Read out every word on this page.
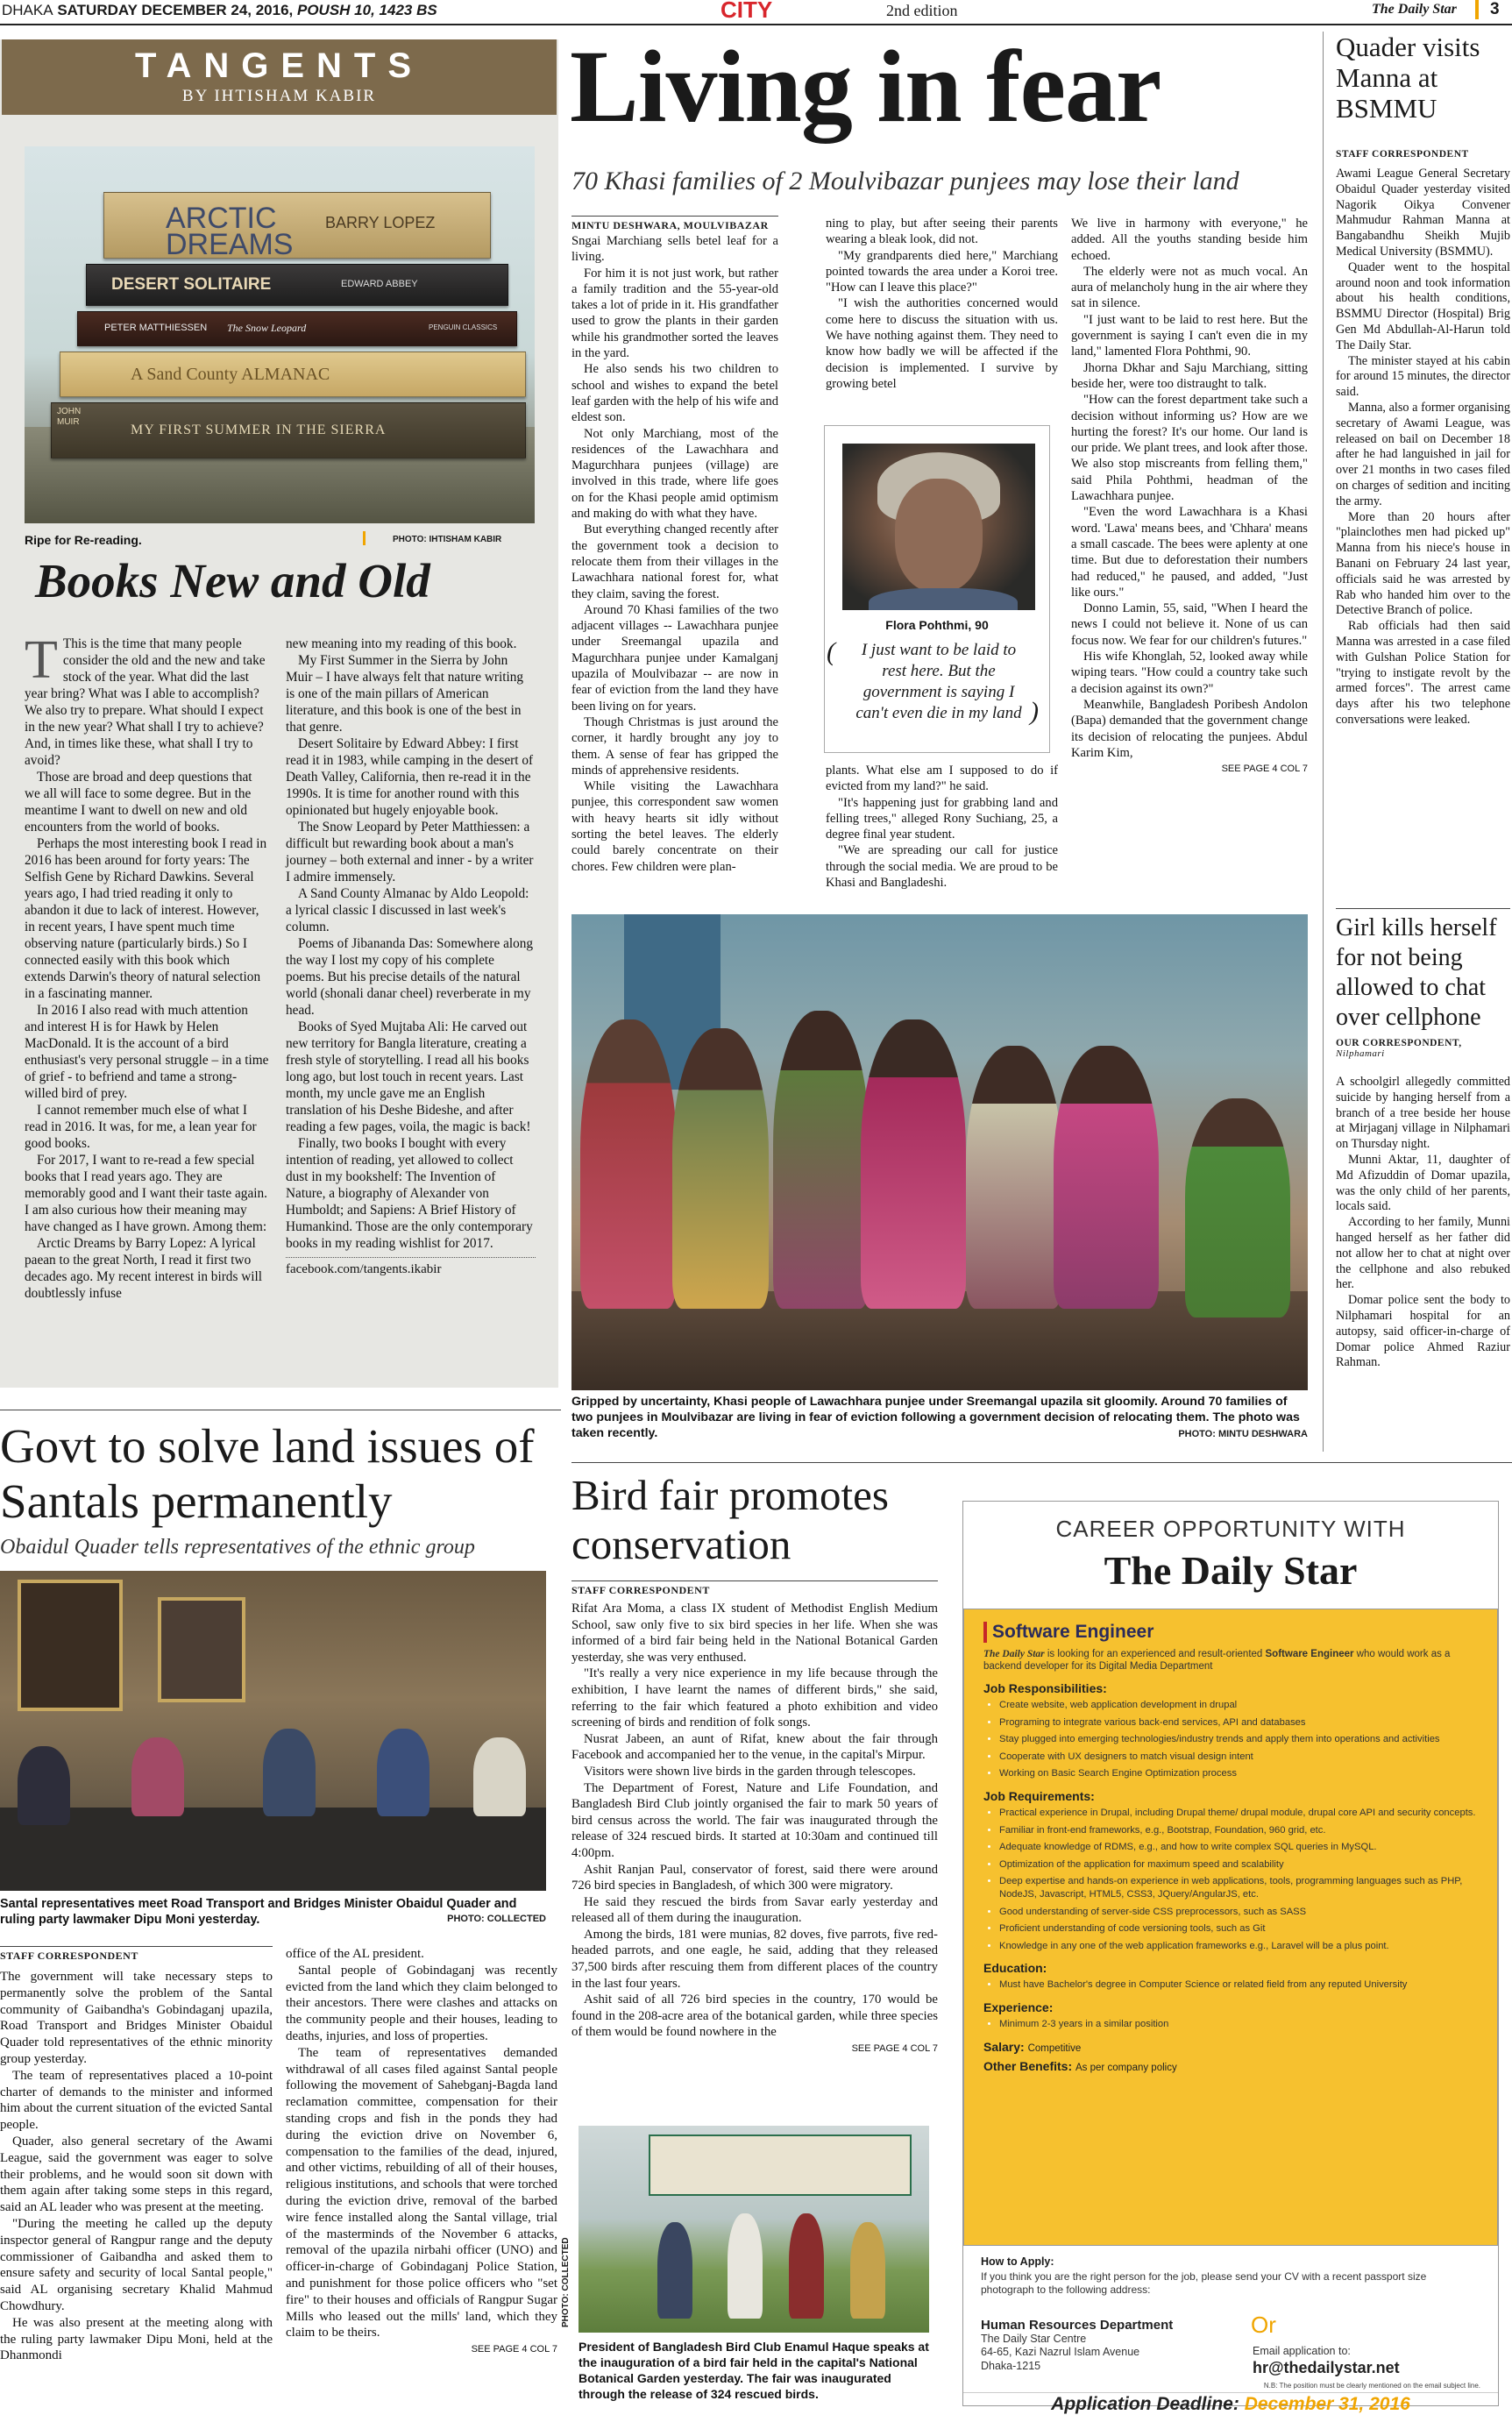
DHAKA SATURDAY DECEMBER 24, 2016, POUSH 10, 1423 BS	CITY	2nd edition	The Daily Star 3
TANGENTS
BY IHTISHAM KABIR
ARCTIC DREAMS
BARRY LOPEZ
DESERT SOLITAIRE	EDWARD ABBEY
PETER MATTHIESSEN The Snow Leopard	PENGUIN CLASSICS
A Sand County ALMANAC
JOHN MUIR
MY FIRST SUMMER IN THE SIERRA
Ripe for Re-reading.	PHOTO: IHTISHAM KABIR
Books New and Old

T This is the time that many people consider the old and the new and take stock of the year. What did the last year bring? What was I able to accomplish? We also try to prepare. What should I expect in the new year? What shall I try to achieve? And, in times like these, what shall I try to avoid?

Those are broad and deep questions that we all will face to some degree. But in the meantime I want to dwell on new and old encounters from the world of books.

Perhaps the most interesting book I read in 2016 has been around for forty years: The Selfish Gene by Richard Dawkins. Several years ago, I had tried reading it only to abandon it due to lack of interest. However, in recent years, I have spent much time observing nature (particularly birds.) So I connected easily with this book which extends Darwin's theory of natural selection in a fascinating manner.

In 2016 I also read with much attention and interest H is for Hawk by Helen MacDonald. It is the account of a bird enthusiast's very personal struggle – in a time of grief - to befriend and tame a strong-willed bird of prey.

I cannot remember much else of what I read in 2016. It was, for me, a lean year for good books.

For 2017, I want to re-read a few special books that I read years ago. They are memorably good and I want their taste again. I am also curious how their meaning may have changed as I have grown. Among them:

Arctic Dreams by Barry Lopez: A lyrical paean to the great North, I read it first two decades ago. My recent interest in birds will doubtlessly infuse

new meaning into my reading of this book.

My First Summer in the Sierra by John Muir – I have always felt that nature writing is one of the main pillars of American literature, and this book is one of the best in that genre.

Desert Solitaire by Edward Abbey: I first read it in 1983, while camping in the desert of Death Valley, California, then re-read it in the 1990s. It is time for another round with this opinionated but hugely enjoyable book.

The Snow Leopard by Peter Matthiessen: a difficult but rewarding book about a man's journey – both external and inner - by a writer I admire immensely.

A Sand County Almanac by Aldo Leopold: a lyrical classic I discussed in last week's column.

Poems of Jibananda Das: Somewhere along the way I lost my copy of his complete poems. But his precise details of the natural world (shonali danar cheel) reverberate in my head.

Books of Syed Mujtaba Ali: He carved out new territory for Bangla literature, creating a fresh style of storytelling. I read all his books long ago, but lost touch in recent years. Last month, my uncle gave me an English translation of his Deshe Bideshe, and after reading a few pages, voila, the magic is back!

Finally, two books I bought with every intention of reading, yet allowed to collect dust in my bookshelf: The Invention of Nature, a biography of Alexander von Humboldt; and Sapiens: A Brief History of Humankind. Those are the only contemporary books in my reading wishlist for 2017.

facebook.com/tangents.ikabir
Living in fear
70 Khasi families of 2 Moulvibazar punjees may lose their land
MINTU DESHWARA, MOULVIBAZAR

Sngai Marchiang sells betel leaf for a living.

For him it is not just work, but rather a family tradition and the 55-year-old takes a lot of pride in it. His grandfather used to grow the plants in their garden while his grandmother sorted the leaves in the yard.

He also sends his two children to school and wishes to expand the betel leaf garden with the help of his wife and eldest son.

Not only Marchiang, most of the residences of the Lawachhara and Magurchhara punjees (village) are involved in this trade, where life goes on for the Khasi people amid optimism and making do with what they have.

But everything changed recently after the government took a decision to relocate them from their villages in the Lawachhara national forest for, what they claim, saving the forest.

Around 70 Khasi families of the two adjacent villages -- Lawachhara punjee under Sreemangal upazila and Magurchhara punjee under Kamalganj upazila of Moulvibazar -- are now in fear of eviction from the land they have been living on for years.

Though Christmas is just around the corner, it hardly brought any joy to them. A sense of fear has gripped the minds of apprehensive residents.

While visiting the Lawachhara punjee, this correspondent saw women with heavy hearts sit idly without sorting the betel leaves. The elderly could barely concentrate on their chores. Few children were plan-

ning to play, but after seeing their parents wearing a bleak look, did not.

"My grandparents died here," Marchiang pointed towards the area under a Koroi tree. "How can I leave this place?"

"I wish the authorities concerned would come here to discuss the situation with us. We have nothing against them. They need to know how badly we will be affected if the decision is implemented. I survive by growing betel

Flora Pohthmi, 90
( I just want to be laid to rest here. But the government is saying I can't even die in my land )

plants. What else am I supposed to do if evicted from my land?" he said.

"It's happening just for grabbing land and felling trees," alleged Rony Suchiang, 25, a degree final year student.

"We are spreading our call for justice through the social media. We are proud to be Khasi and Bangladeshi.

We live in harmony with everyone," he added. All the youths standing beside him echoed.

The elderly were not as much vocal. An aura of melancholy hung in the air where they sat in silence.

"I just want to be laid to rest here. But the government is saying I can't even die in my land," lamented Flora Pohthmi, 90.

Jhorna Dkhar and Saju Marchiang, sitting beside her, were too distraught to talk.

"How can the forest department take such a decision without informing us? How are we hurting the forest? It's our home. Our land is our pride. We plant trees, and look after those. We also stop miscreants from felling them," said Phila Pohthmi, headman of the Lawachhara punjee.

"Even the word Lawachhara is a Khasi word. 'Lawa' means bees, and 'Chhara' means a small cascade. The bees were aplenty at one time. But due to deforestation their numbers had reduced," he paused, and added, "Just like ours."

Donno Lamin, 55, said, "When I heard the news I could not believe it. None of us can focus now. We fear for our children's futures."

His wife Khonglah, 52, looked away while wiping tears. "How could a country take such a decision against its own?"

Meanwhile, Bangladesh Poribesh Andolon (Bapa) demanded that the government change its decision of relocating the punjees. Abdul Karim Kim,

SEE PAGE 4 COL 7
Gripped by uncertainty, Khasi people of Lawachhara punjee under Sreemangal upazila sit gloomily. Around 70 families of two punjees in Moulvibazar are living in fear of eviction following a government decision of relocating them. The photo was taken recently.	PHOTO: MINTU DESHWARA
Quader visits Manna at BSMMU
STAFF CORRESPONDENT

Awami League General Secretary Obaidul Quader yesterday visited Nagorik Oikya Convener Mahmudur Rahman Manna at Bangabandhu Sheikh Mujib Medical University (BSMMU).

Quader went to the hospital around noon and took information about his health conditions, BSMMU Director (Hospital) Brig Gen Md Abdullah-Al-Harun told The Daily Star.

The minister stayed at his cabin for around 15 minutes, the director said.

Manna, also a former organising secretary of Awami League, was released on bail on December 18 after he had languished in jail for over 21 months in two cases filed on charges of sedition and inciting the army.

More than 20 hours after "plainclothes men had picked up" Manna from his niece's house in Banani on February 24 last year, officials said he was arrested by Rab who handed him over to the Detective Branch of police.

Rab officials had then said Manna was arrested in a case filed with Gulshan Police Station for "trying to instigate revolt by the armed forces". The arrest came days after his two telephone conversations were leaked.

Girl kills herself for not being allowed to chat over cellphone
OUR CORRESPONDENT,
Nilphamari

A schoolgirl allegedly committed suicide by hanging herself from a branch of a tree beside her house at Mirjaganj village in Nilphamari on Thursday night.

Munni Aktar, 11, daughter of Md Afizuddin of Domar upazila, was the only child of her parents, locals said.

According to her family, Munni hanged herself as her father did not allow her to chat at night over the cellphone and also rebuked her.

Domar police sent the body to Nilphamari hospital for an autopsy, said officer-in-charge of Domar police Ahmed Raziur Rahman.

Govt to solve land issues of Santals permanently
Obaidul Quader tells representatives of the ethnic group
Santal representatives meet Road Transport and Bridges Minister Obaidul Quader and ruling party lawmaker Dipu Moni yesterday.	PHOTO: COLLECTED
STAFF CORRESPONDENT

The government will take necessary steps to permanently solve the problem of the Santal community of Gaibandha's Gobindaganj upazila, Road Transport and Bridges Minister Obaidul Quader told representatives of the ethnic minority group yesterday.

The team of representatives placed a 10-point charter of demands to the minister and informed him about the current situation of the evicted Santal people.

Quader, also general secretary of the Awami League, said the government was eager to solve their problems, and he would soon sit down with them again after taking some steps in this regard, said an AL leader who was present at the meeting.

"During the meeting he called up the deputy inspector general of Rangpur range and the deputy commissioner of Gaibandha and asked them to ensure safety and security of local Santal people," said AL organising secretary Khalid Mahmud Chowdhury.

He was also present at the meeting along with the ruling party lawmaker Dipu Moni, held at the Dhanmondi

office of the AL president.

Santal people of Gobindaganj was recently evicted from the land which they claim belonged to their ancestors. There were clashes and attacks on the community people and their houses, leading to deaths, injuries, and loss of properties.

The team of representatives demanded withdrawal of all cases filed against Santal people following the movement of Sahebganj-Bagda land reclamation committee, compensation for their standing crops and fish in the ponds they had during the eviction drive on November 6, compensation to the families of the dead, injured, and other victims, rebuilding of all of their houses, religious institutions, and schools that were torched during the eviction drive, removal of the barbed wire fence installed along the Santal village, trial of the masterminds of the November 6 attacks, removal of the upazila nirbahi officer (UNO) and officer-in-charge of Gobindaganj Police Station, and punishment for those police officers who "set fire" to their houses and officials of Rangpur Sugar Mills who leased out the mills' land, which they claim to be theirs.

SEE PAGE 4 COL 7
Bird fair promotes conservation
STAFF CORRESPONDENT

Rifat Ara Moma, a class IX student of Methodist English Medium School, saw only five to six bird species in her life. When she was informed of a bird fair being held in the National Botanical Garden yesterday, she was very enthused.

"It's really a very nice experience in my life because through the exhibition, I have learnt the names of different birds," she said, referring to the fair which featured a photo exhibition and video screening of birds and rendition of folk songs.

Nusrat Jabeen, an aunt of Rifat, knew about the fair through Facebook and accompanied her to the venue, in the capital's Mirpur.

Visitors were shown live birds in the garden through telescopes.

The Department of Forest, Nature and Life Foundation, and Bangladesh Bird Club jointly organised the fair to mark 50 years of bird census across the world. The fair was inaugurated through the release of 324 rescued birds. It started at 10:30am and continued till 4:00pm.

Ashit Ranjan Paul, conservator of forest, said there were around 726 bird species in Bangladesh, of which 300 were migratory.

He said they rescued the birds from Savar early yesterday and released all of them during the inauguration.

Among the birds, 181 were munias, 82 doves, five parrots, five red-headed parrots, and one eagle, he said, adding that they released 37,500 birds after rescuing them from different places of the country in the last four years.

Ashit said of all 726 bird species in the country, 170 would be found in the 208-acre area of the botanical garden, while three species of them would be found nowhere in the

SEE PAGE 4 COL 7
PHOTO: COLLECTED
President of Bangladesh Bird Club Enamul Haque speaks at the inauguration of a bird fair held in the capital's National Botanical Garden yesterday. The fair was inaugurated through the release of 324 rescued birds.
CAREER OPPORTUNITY WITH
The Daily Star
Software Engineer
The Daily Star is looking for an experienced and result-oriented Software Engineer who would work as a backend developer for its Digital Media Department
Job Responsibilities:
• Create website, web application development in drupal
• Programing to integrate various back-end services, API and databases
• Stay plugged into emerging technologies/industry trends and apply them into operations and activities
• Cooperate with UX designers to match visual design intent
• Working on Basic Search Engine Optimization process
Job Requirements:
• Practical experience in Drupal, including Drupal theme/ drupal module, drupal core API and security concepts.
• Familiar in front-end frameworks, e.g., Bootstrap, Foundation, 960 grid, etc.
• Adequate knowledge of RDMS, e.g., and how to write complex SQL queries in MySQL.
• Optimization of the application for maximum speed and scalability
• Deep expertise and hands-on experience in web applications, tools, programming languages such as PHP, NodeJS, Javascript, HTML5, CSS3, JQuery/AngularJS, etc.
• Good understanding of server-side CSS preprocessors, such as SASS
• Proficient understanding of code versioning tools, such as Git
• Knowledge in any one of the web application frameworks e.g., Laravel will be a plus point.
Education:
• Must have Bachelor's degree in Computer Science or related field from any reputed University
Experience:
• Minimum 2-3 years in a similar position
Salary: Competitive
Other Benefits: As per company policy
How to Apply:
If you think you are the right person for the job, please send your CV with a recent passport size photograph to the following address:
Human Resources Department
The Daily Star Centre
64-65, Kazi Nazrul Islam Avenue
Dhaka-1215
Or
Email application to:
hr@thedailystar.net
N.B: The position must be clearly mentioned on the email subject line.
Application Deadline: December 31, 2016
